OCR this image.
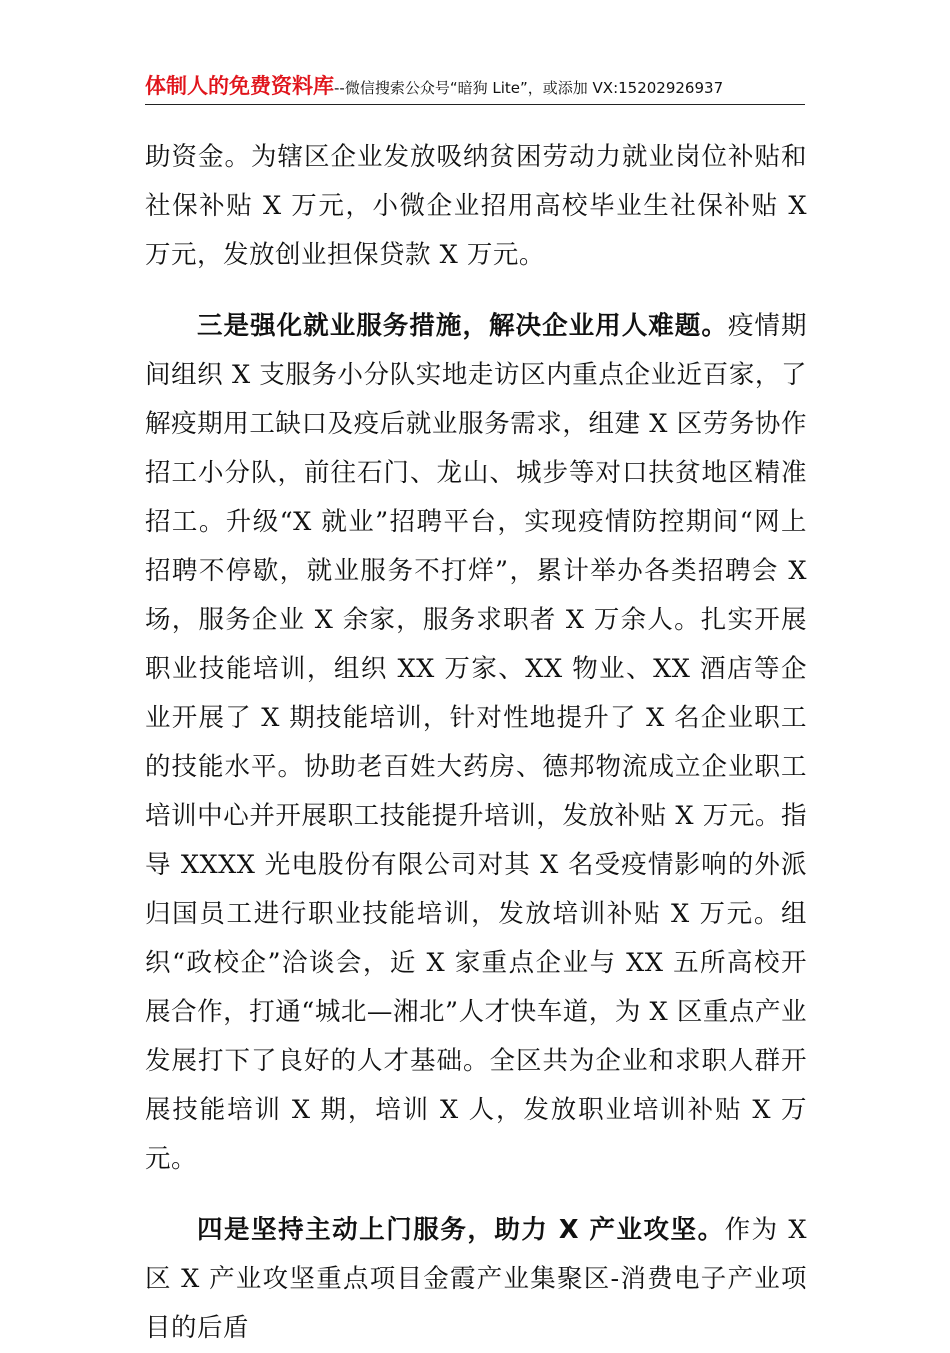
体制人的免费资料库--微信搜索公众号“暗狗 Lite”，或添加 VX:15202926937

助资金。为辖区企业发放吸纳贫困劳动力就业岗位补贴和社保补贴 X 万元，小微企业招用高校毕业生社保补贴 X 万元，发放创业担保贷款 X 万元。

三是强化就业服务措施，解决企业用人难题。疫情期间组织 X 支服务小分队实地走访区内重点企业近百家，了解疫期用工缺口及疫后就业服务需求，组建 X 区劳务协作招工小分队，前往石门、龙山、城步等对口扶贫地区精准招工。升级“X 就业”招聘平台，实现疫情防控期间“网上招聘不停歇，就业服务不打烊”，累计举办各类招聘会 X 场，服务企业 X 余家，服务求职者 X 万余人。扎实开展职业技能培训，组织 XX 万家、XX 物业、XX 酒店等企业开展了 X 期技能培训，针对性地提升了 X 名企业职工的技能水平。协助老百姓大药房、德邦物流成立企业职工培训中心并开展职工技能提升培训，发放补贴 X 万元。指导 XXXX 光电股份有限公司对其 X 名受疫情影响的外派归国员工进行职业技能培训，发放培训补贴 X 万元。组织“政校企”洽谈会，近 X 家重点企业与 XX 五所高校开展合作，打通“城北—湘北”人才快车道，为 X 区重点产业发展打下了良好的人才基础。全区共为企业和求职人群开展技能培训 X 期，培训 X 人，发放职业培训补贴 X 万元。

四是坚持主动上门服务，助力 X 产业攻坚。作为 X 区 X 产业攻坚重点项目金霞产业集聚区-消费电子产业项目的后盾
